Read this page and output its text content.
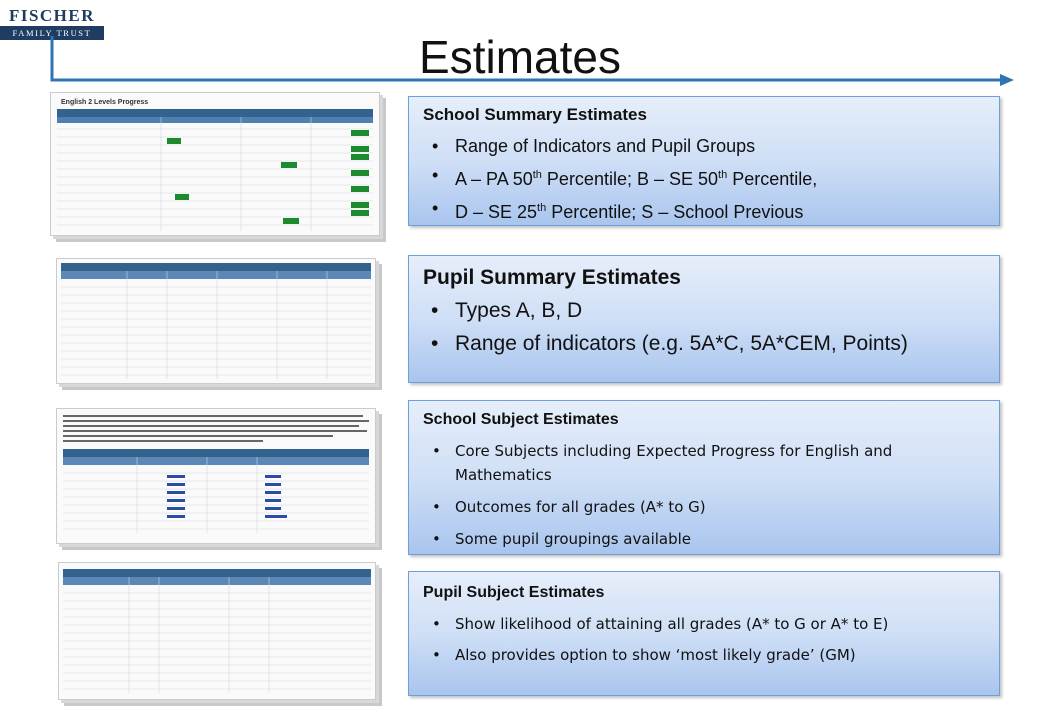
FISCHER
FAMILY TRUST	Estimates
English 2 Levels Progress
School Summary Estimates
• Range of Indicators and Pupil Groups
• A – PA 50th Percentile; B – SE 50th Percentile,
• D – SE 25th Percentile; S – School Previous
Pupil Summary Estimates
• Types A, B, D
• Range of indicators (e.g. 5A*C, 5A*CEM, Points)
School Subject Estimates
• Core Subjects including Expected Progress for English and Mathematics
• Outcomes for all grades (A* to G)
• Some pupil groupings available
Pupil Subject Estimates
• Show likelihood of attaining all grades (A* to G or A* to E)
• Also provides option to show ‘most likely grade’ (GM)
